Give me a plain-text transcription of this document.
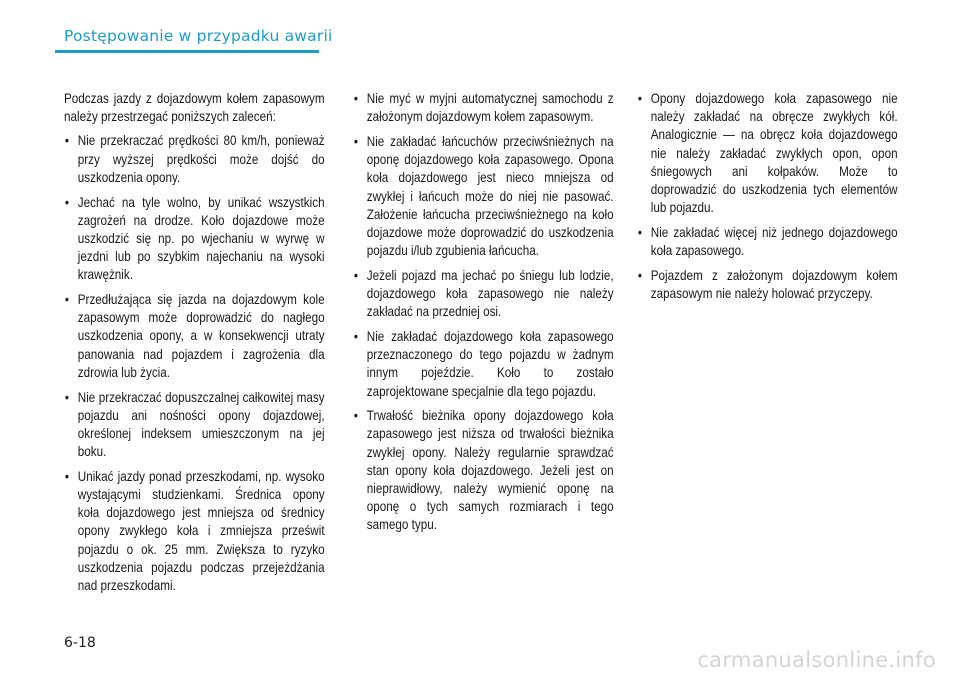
Postępowanie w przypadku awarii

Podczas jazdy z dojazdowym kołem zapasowym należy przestrzegać poniższych zaleceń:

• Nie przekraczać prędkości 80 km/h, ponieważ przy wyższej prędkości może dojść do uszkodzenia opony.
• Jechać na tyle wolno, by unikać wszystkich zagrożeń na drodze. Koło dojazdowe może uszkodzić się np. po wjechaniu w wyrwę w jezdni lub po szybkim najechaniu na wysoki krawężnik.
• Przedłużająca się jazda na dojazdowym kole zapasowym może doprowadzić do nagłego uszkodzenia opony, a w konsekwencji utraty panowania nad pojazdem i zagrożenia dla zdrowia lub życia.
• Nie przekraczać dopuszczalnej całkowitej masy pojazdu ani nośności opony dojazdowej, określonej indeksem umieszczonym na jej boku.
• Unikać jazdy ponad przeszkodami, np. wysoko wystającymi studzienkami. Średnica opony koła dojazdowego jest mniejsza od średnicy opony zwykłego koła i zmniejsza prześwit pojazdu o ok. 25 mm. Zwiększa to ryzyko uszkodzenia pojazdu podczas przejeżdżania nad przeszkodami.
• Nie myć w myjni automatycznej samochodu z założonym dojazdowym kołem zapasowym.
• Nie zakładać łańcuchów przeciwśnieżnych na oponę dojazdowego koła zapasowego. Opona koła dojazdowego jest nieco mniejsza od zwykłej i łańcuch może do niej nie pasować. Założenie łańcucha przeciwśnieżnego na koło dojazdowe może doprowadzić do uszkodzenia pojazdu i/lub zgubienia łańcucha.
• Jeżeli pojazd ma jechać po śniegu lub lodzie, dojazdowego koła zapasowego nie należy zakładać na przedniej osi.
• Nie zakładać dojazdowego koła zapasowego przeznaczonego do tego pojazdu w żadnym innym pojeździe. Koło to zostało zaprojektowane specjalnie dla tego pojazdu.
• Trwałość bieżnika opony dojazdowego koła zapasowego jest niższa od trwałości bieżnika zwykłej opony. Należy regularnie sprawdzać stan opony koła dojazdowego. Jeżeli jest on nieprawidłowy, należy wymienić oponę na oponę o tych samych rozmiarach i tego samego typu.
• Opony dojazdowego koła zapasowego nie należy zakładać na obręcze zwykłych kół. Analogicznie — na obręcz koła dojazdowego nie należy zakładać zwykłych opon, opon śniegowych ani kołpaków. Może to doprowadzić do uszkodzenia tych elementów lub pojazdu.
• Nie zakładać więcej niż jednego dojazdowego koła zapasowego.
• Pojazdem z założonym dojazdowym kołem zapasowym nie należy holować przyczepy.
6-18
carmanualsonline.info
